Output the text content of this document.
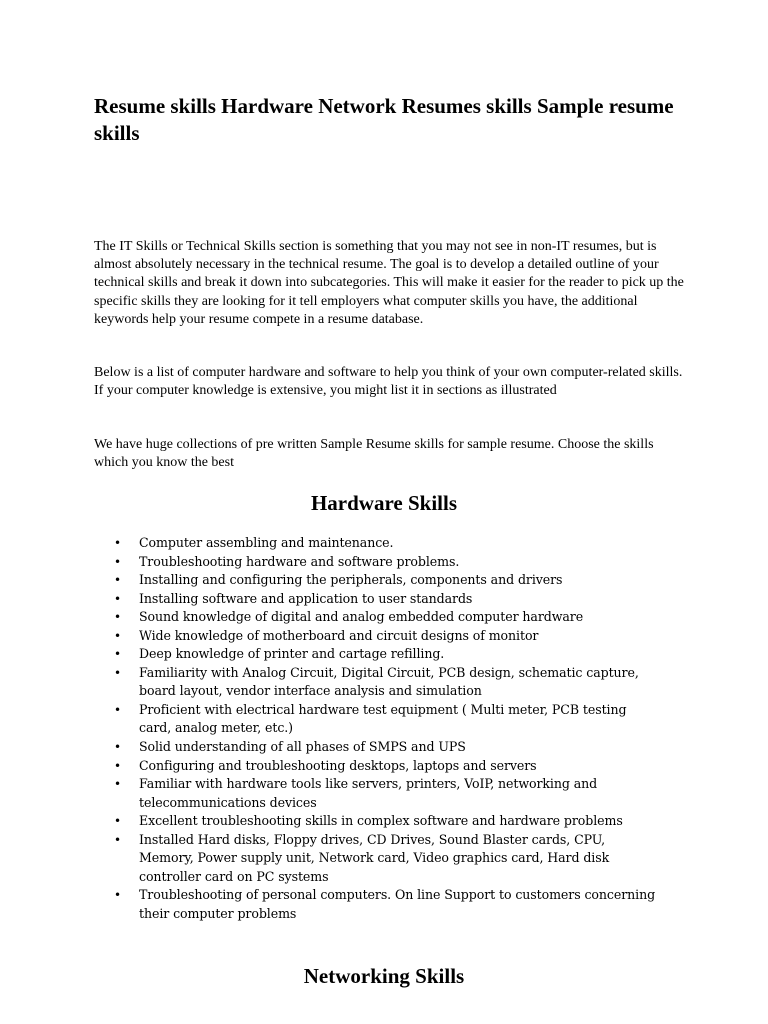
Resume skills Hardware Network Resumes skills Sample resume skills

The IT Skills or Technical Skills section is something that you may not see in non-IT resumes, but is almost absolutely necessary in the technical resume. The goal is to develop a detailed outline of your technical skills and break it down into subcategories. This will make it easier for the reader to pick up the specific skills they are looking for it tell employers what computer skills you have, the additional keywords help your resume compete in a resume database.

Below is a list of computer hardware and software to help you think of your own computer-related skills. If your computer knowledge is extensive, you might list it in sections as illustrated

We have huge collections of pre written Sample Resume skills for sample resume. Choose the skills which you know the best

Hardware Skills
• Computer assembling and maintenance.
• Troubleshooting hardware and software problems.
• Installing and configuring the peripherals, components and drivers
• Installing software and application to user standards
• Sound knowledge of digital and analog embedded computer hardware
• Wide knowledge of motherboard and circuit designs of monitor
• Deep knowledge of printer and cartage refilling.
• Familiarity with Analog Circuit, Digital Circuit, PCB design, schematic capture, board layout, vendor interface analysis and simulation
• Proficient with electrical hardware test equipment ( Multi meter, PCB testing card, analog meter, etc.)
• Solid understanding of all phases of SMPS and UPS
• Configuring and troubleshooting desktops, laptops and servers
• Familiar with hardware tools like servers, printers, VoIP, networking and telecommunications devices
• Excellent troubleshooting skills in complex software and hardware problems
• Installed Hard disks, Floppy drives, CD Drives, Sound Blaster cards, CPU, Memory, Power supply unit, Network card, Video graphics card, Hard disk controller card on PC systems
• Troubleshooting of personal computers. On line Support to customers concerning their computer problems
Networking Skills
